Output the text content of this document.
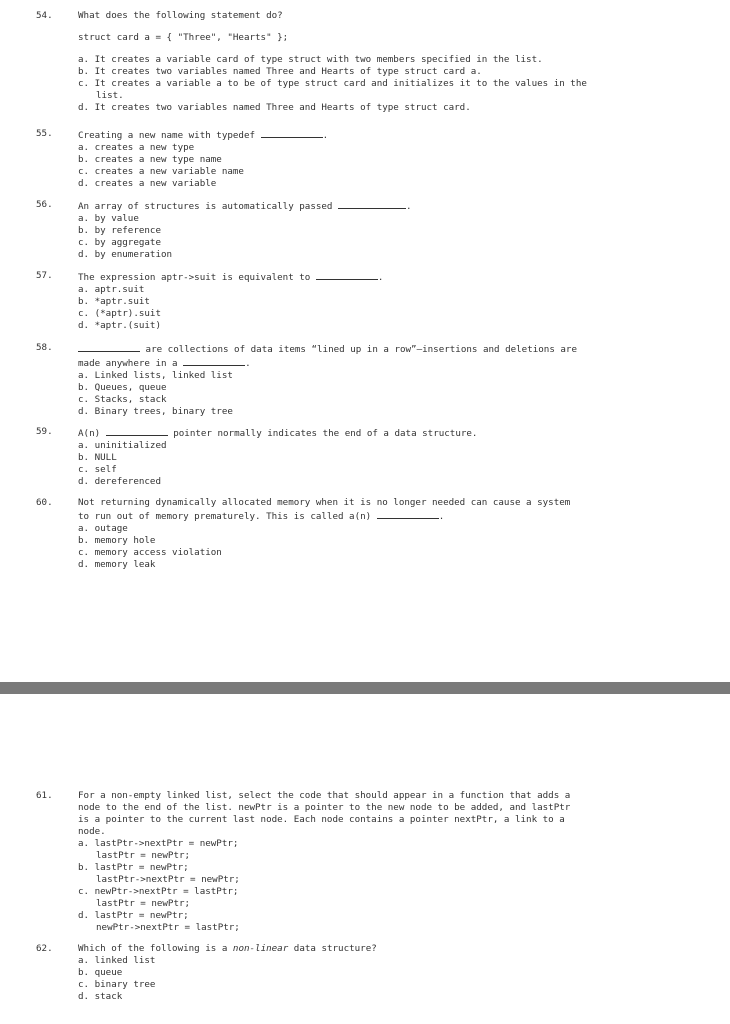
54.	What does the following statement do?
struct card a = { "Three", "Hearts" };
a. It creates a variable card of type struct with two members specified in the list.
b. It creates two variables named Three and Hearts of type struct card a.
c. It creates a variable a to be of type struct card and initializes it to the values in the
list.
d. It creates two variables named Three and Hearts of type struct card.
55.	Creating a new name with typedef	.
a. creates a new type
b. creates a new type name
c. creates a new variable name
d. creates a new variable
56.	An array of structures is automatically passed	.
a. by value
b. by reference
c. by aggregate
d. by enumeration
57.	The expression aptr->suit is equivalent to	.
a. aptr.suit
b. *aptr.suit
c. (*aptr).suit
d. *aptr.(suit)
58.	are collections of data items “lined up in a row”—insertions and deletions are
made anywhere in a	.
a. Linked lists, linked list
b. Queues, queue
c. Stacks, stack
d. Binary trees, binary tree
59.	A(n)	pointer normally indicates the end of a data structure.
a. uninitialized
b. NULL
c. self
d. dereferenced
60.	Not returning dynamically allocated memory when it is no longer needed can cause a system
to run out of memory prematurely. This is called a(n)	.
a. outage
b. memory hole
c. memory access violation
d. memory leak
61.	For a non-empty linked list, select the code that should appear in a function that adds a
node to the end of the list. newPtr is a pointer to the new node to be added, and lastPtr
is a pointer to the current last node. Each node contains a pointer nextPtr, a link to a
node.
a. lastPtr->nextPtr = newPtr;
lastPtr = newPtr;
b. lastPtr = newPtr;
lastPtr->nextPtr = newPtr;
c. newPtr->nextPtr = lastPtr;
lastPtr = newPtr;
d. lastPtr = newPtr;
newPtr->nextPtr = lastPtr;
62.	Which of the following is a non-linear data structure?
a. linked list
b. queue
c. binary tree
d. stack
